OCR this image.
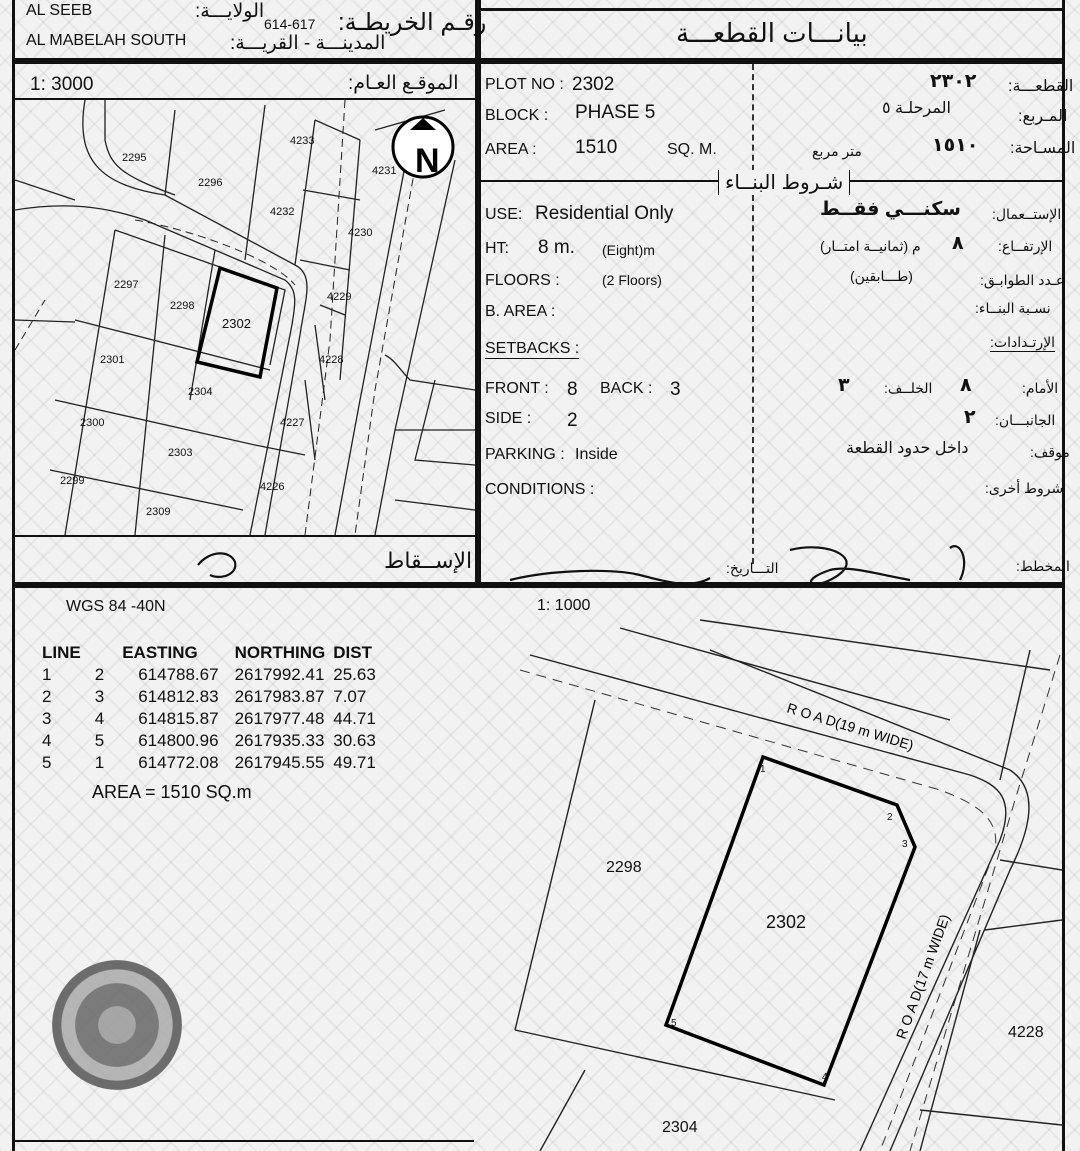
AL SEEB	الولايـــة:
614-617 رقـم الخريطـة:
AL MABELAH SOUTH المدينـــة - القريـــة:	بيانـــات القطعـــة
1: 3000	الموقـع العـام:
N
2295
2296
4233
4231
4232
4230
2297
2298
2302
4229
2301	4228
2304
2300	4227
2303
2299	4226
2309
PLOT NO : 2302	٢٣٠٢ القطعـــة:
BLOCK : PHASE 5	المرحلـة ٥	المـربع:
AREA : 1510	SQ. M.	متر مربع	١٥١٠ المسـاحة:
شـروط البنــاء
USE: Residential Only	سكنـــي فقــط الإستــعمال:
HT: 8 m. (Eight)m	م (ثمانيــة امتــار) ٨ الإرتفــاع:
FLOORS :	(2 Floors)	(طـــابقين)	عـدد الطوابـق:
B. AREA :	نسـبة البنــاء:
SETBACKS :	الإرتـدادات:
FRONT : 8 BACK : 3	٣ الخلــف: ٨	الأمام:
SIDE : 2	٢ الجانبـــان:
PARKING : Inside	داخل حدود القطعة	موقف:
CONDITIONS :	شروط أخرى:
الإســقاط	التـــاريخ:	المخطط:
WGS 84 -40N	1: 1000
LINE		EASTING	NORTHING	DIST
1	2	614788.67	2617992.41	25.63
2	3	614812.83	2617983.87	7.07
3	4	614815.87	2617977.48	44.71
4	5	614800.96	2617935.33	30.63
5	1	614772.08	2617945.55	49.71
AREA = 1510 SQ.m
1
2
3
4
5
R O A D(19 m WIDE)
R O A D(17 m WIDE)
2298
2302
4228
2304
